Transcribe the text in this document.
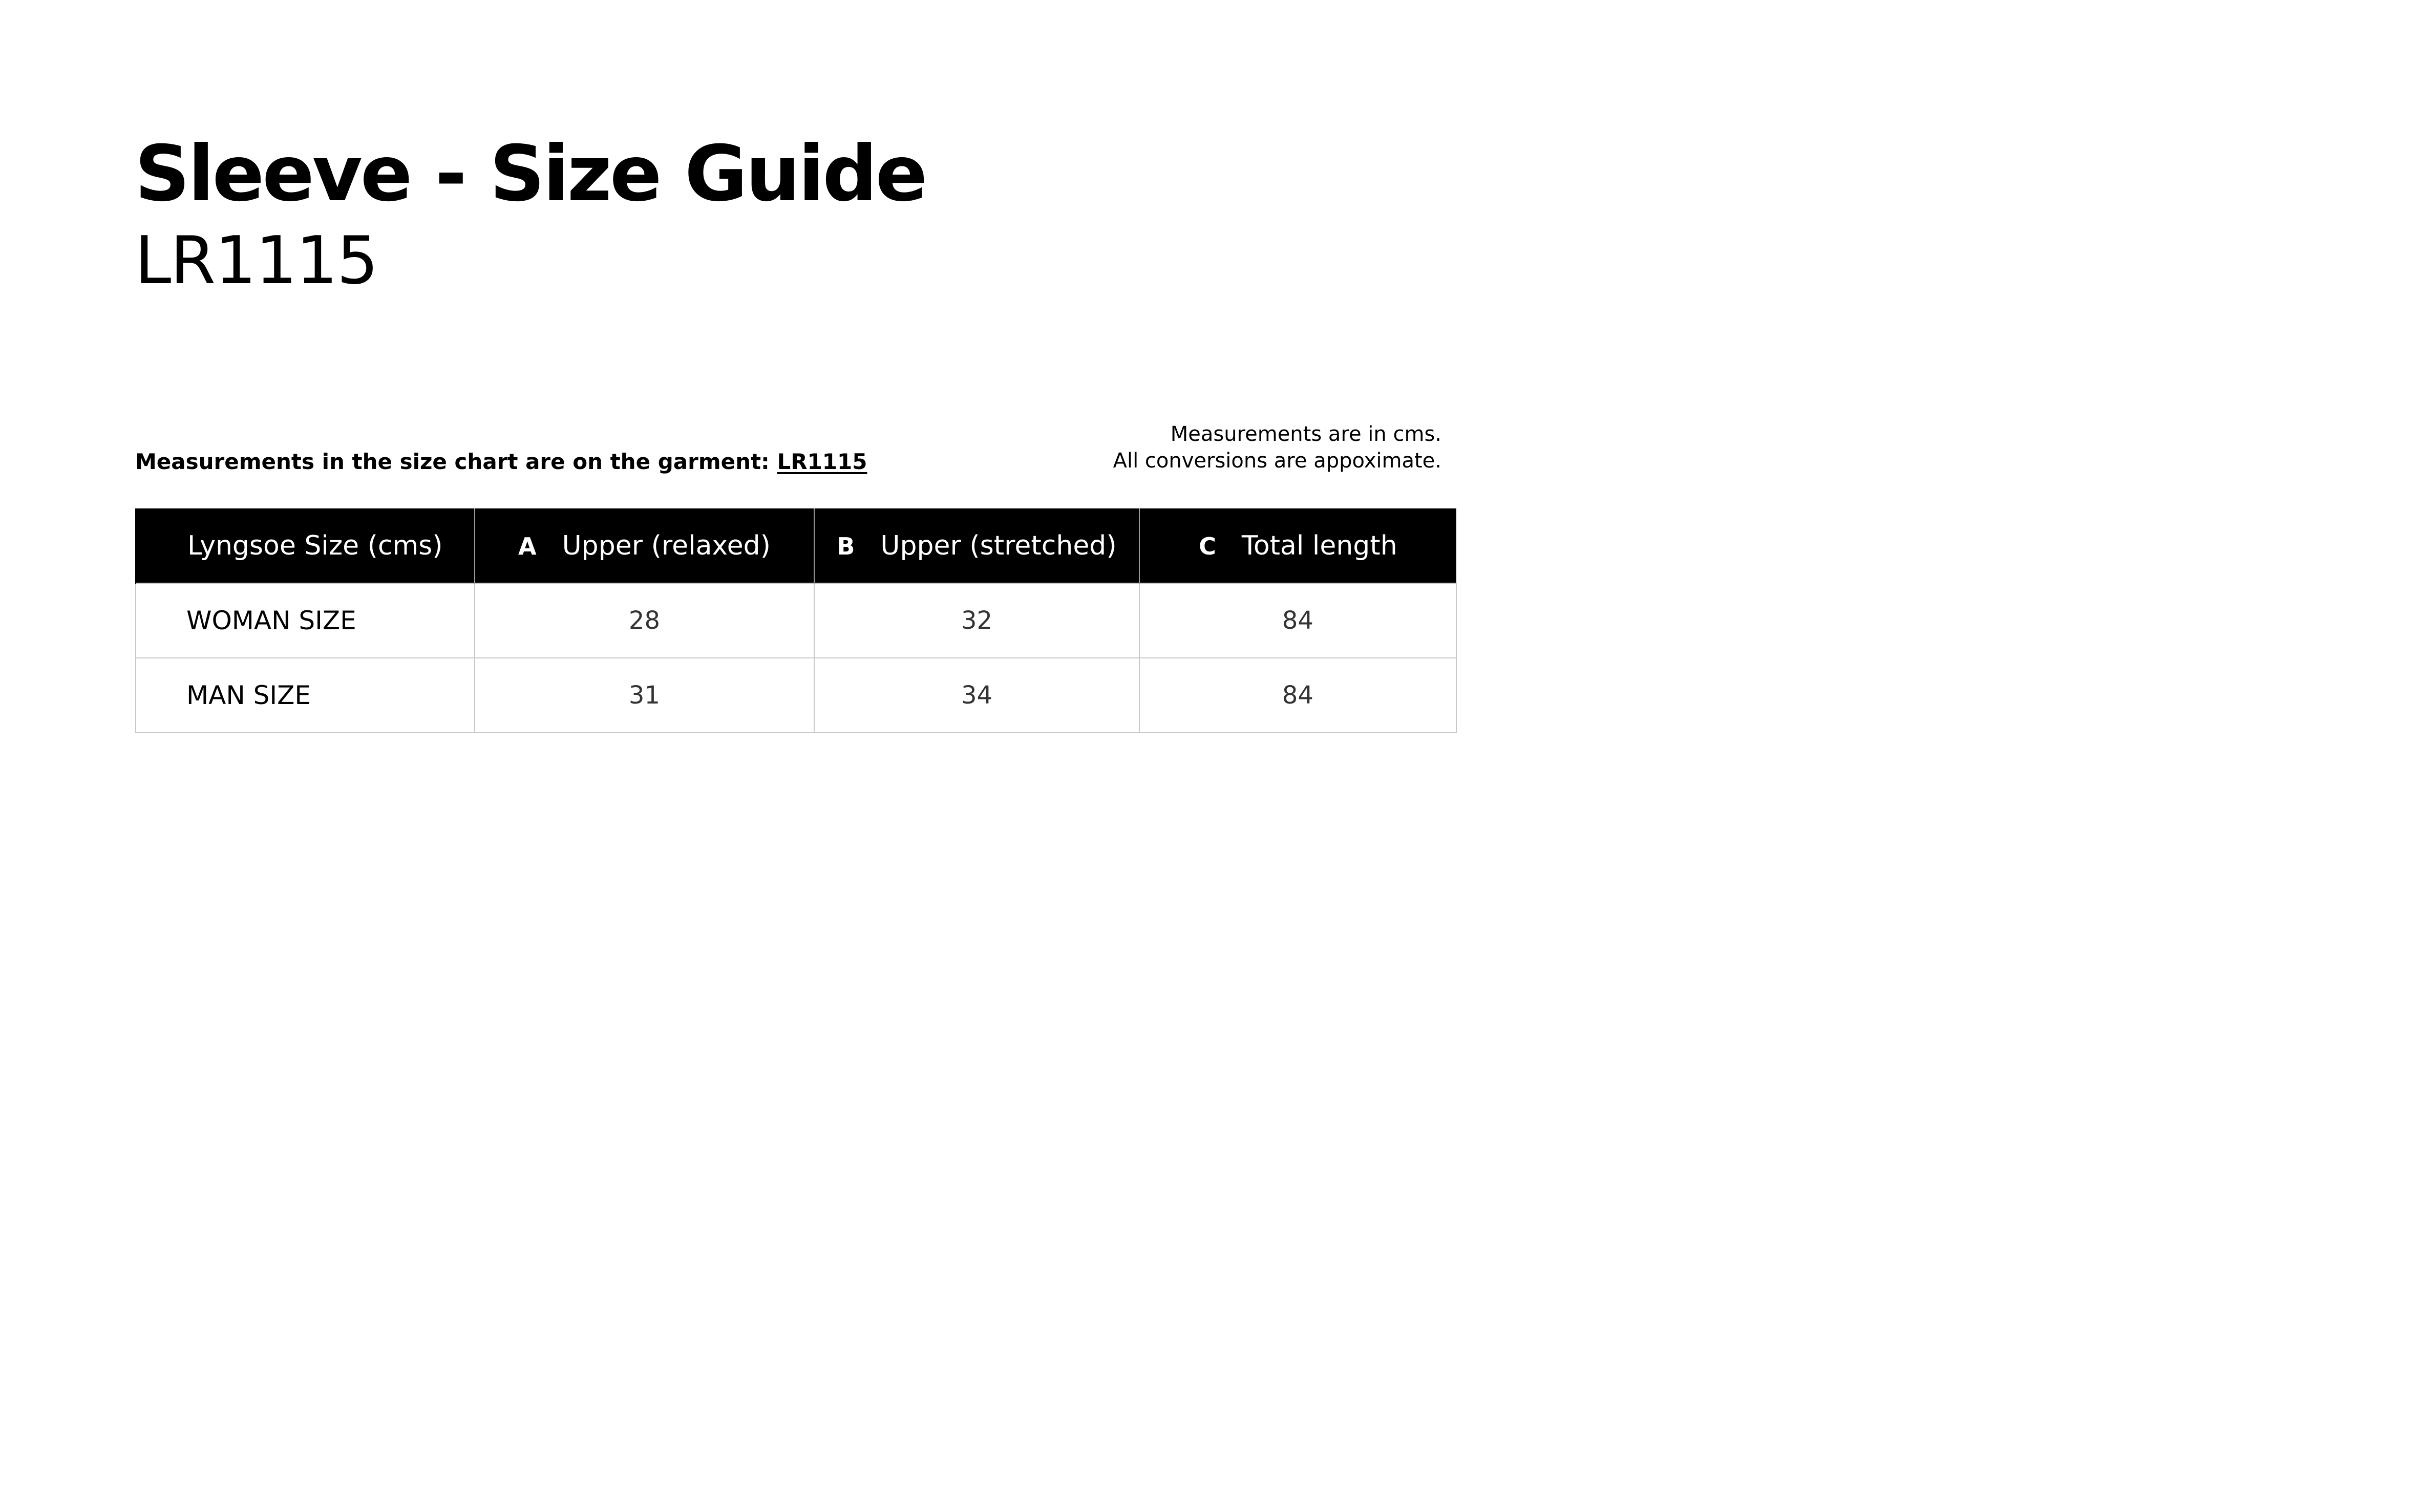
Sleeve - Size Guide
LR1115
Measurements in the size chart are on the garment: LR1115
Measurements are in cms.
All conversions are appoximate.
Lyngsoe Size (cms)	A Upper (relaxed)	B Upper (stretched)	C Total length
WOMAN SIZE	28	32	84
MAN SIZE	31	34	84
